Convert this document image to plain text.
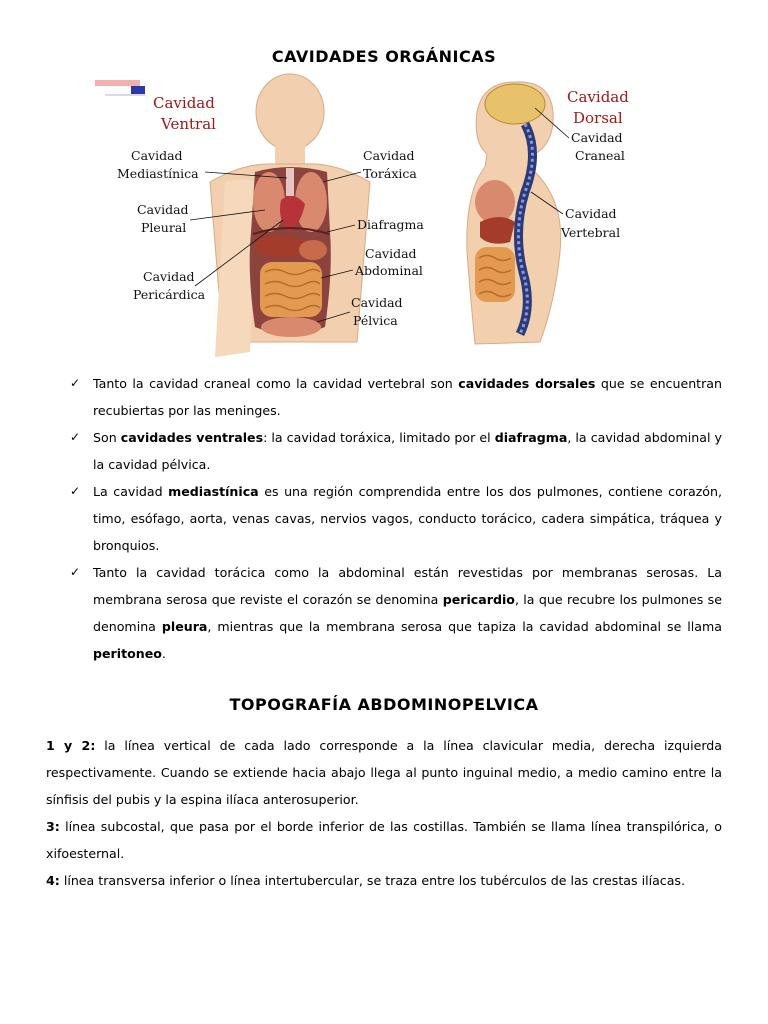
CAVIDADES ORGÁNICAS
Cavidad
Ventral
Cavidad
Mediastínica
Cavidad
Pleural
Cavidad
Pericárdica
Cavidad
Toráxica
Diafragma
Cavidad
Abdominal
Cavidad
Pélvica
Cavidad
Dorsal
Cavidad
Craneal
Cavidad
Vertebral
✓ Tanto la cavidad craneal como la cavidad vertebral son cavidades dorsales que se encuentran recubiertas por las meninges.
✓ Son cavidades ventrales: la cavidad toráxica, limitado por el diafragma, la cavidad abdominal y la cavidad pélvica.
✓ La cavidad mediastínica es una región comprendida entre los dos pulmones, contiene corazón, timo, esófago, aorta, venas cavas, nervios vagos, conducto torácico, cadera simpática, tráquea y bronquios.
✓ Tanto la cavidad torácica como la abdominal están revestidas por membranas serosas. La membrana serosa que reviste el corazón se denomina pericardio, la que recubre los pulmones se denomina pleura, mientras que la membrana serosa que tapiza la cavidad abdominal se llama peritoneo.
TOPOGRAFÍA ABDOMINOPELVICA

1 y 2: la línea vertical de cada lado corresponde a la línea clavicular media, derecha izquierda respectivamente. Cuando se extiende hacia abajo llega al punto inguinal medio, a medio camino entre la sínfisis del pubis y la espina ilíaca anterosuperior.

3: línea subcostal, que pasa por el borde inferior de las costillas. También se llama línea transpilórica, o xifoesternal.

4: línea transversa inferior o línea intertubercular, se traza entre los tubérculos de las crestas ilíacas.
